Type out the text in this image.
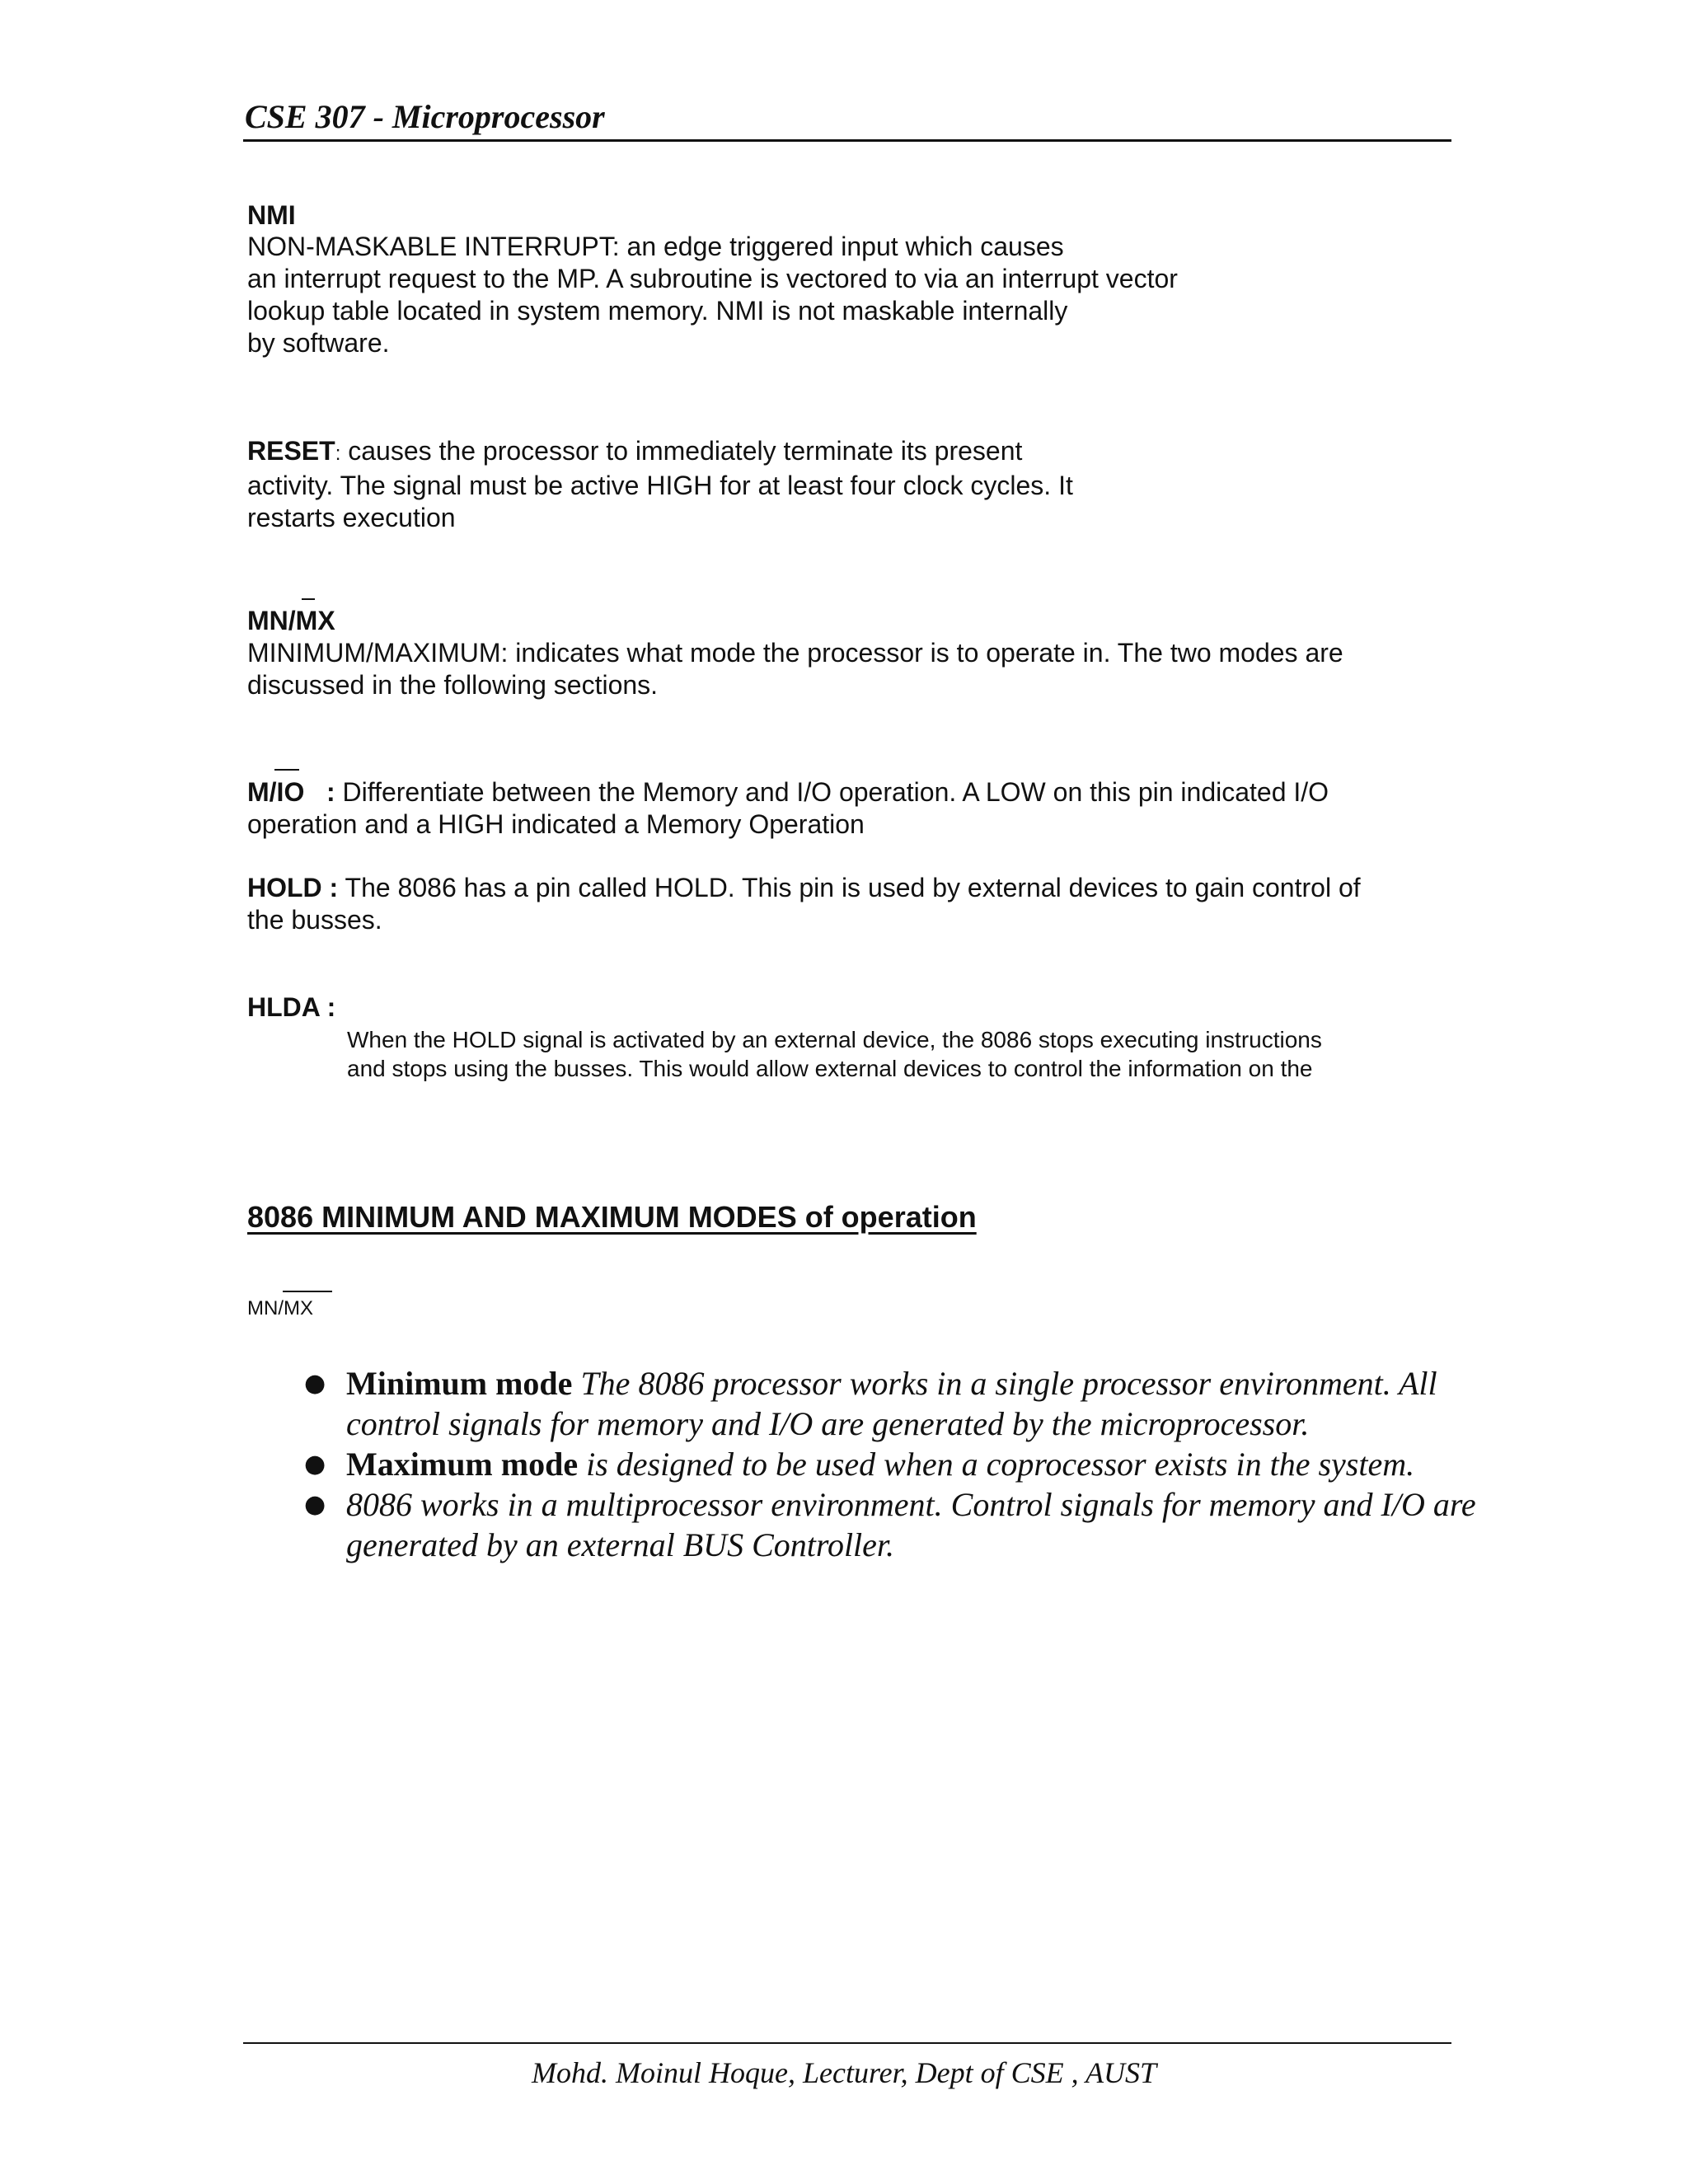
CSE 307 - Microprocessor
NMI
NON-MASKABLE INTERRUPT: an edge triggered input which causes
an interrupt request to the MP. A subroutine is vectored to via an interrupt vector
lookup table located in system memory. NMI is not maskable internally
by software.
RESET: causes the processor to immediately terminate its present
activity. The signal must be active HIGH for at least four clock cycles. It
restarts execution
MN/MX
MINIMUM/MAXIMUM: indicates what mode the processor is to operate in. The two modes are
discussed in the following sections.
M/IO   : Differentiate between the Memory and I/O operation. A LOW on this pin indicated I/O
operation and a HIGH indicated a Memory Operation
HOLD : The 8086 has a pin called HOLD. This pin is used by external devices to gain control of
the busses.
HLDA :
When the HOLD signal is activated by an external device, the 8086 stops executing instructions
and stops using the busses. This would allow external devices to control the information on the
8086 MINIMUM AND MAXIMUM MODES of operation
MN/MX
● Minimum mode The 8086 processor works in a single processor environment. All control signals for memory and I/O are generated by the microprocessor.
● Maximum mode is designed to be used when a coprocessor exists in the system.
● 8086 works in a multiprocessor environment. Control signals for memory and I/O are generated by an external BUS Controller.
Mohd. Moinul Hoque, Lecturer, Dept of CSE , AUST
